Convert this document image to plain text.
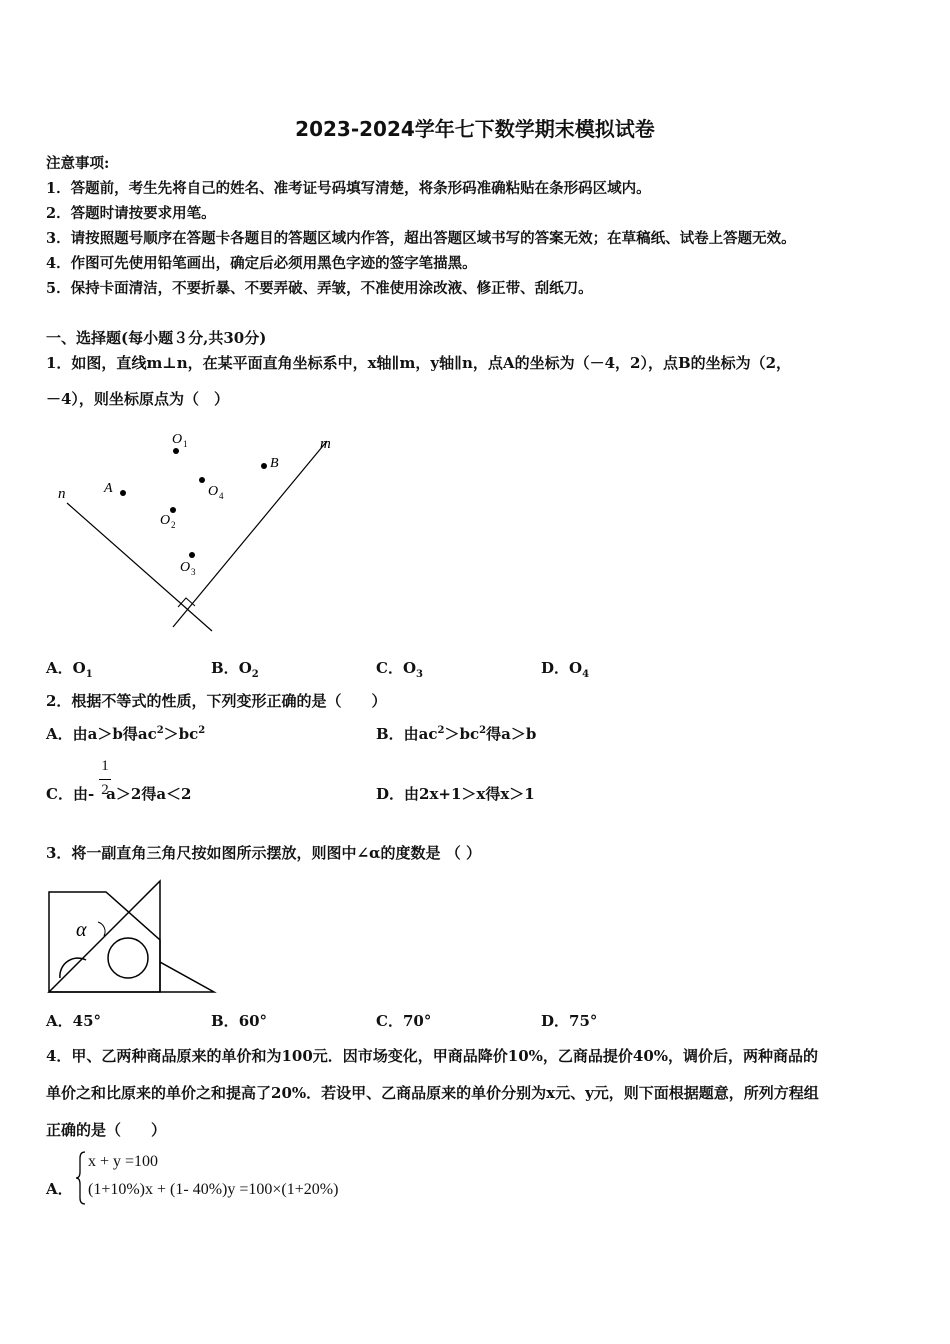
2023-2024学年七下数学期末模拟试卷
注意事项:
1．答题前，考生先将自己的姓名、准考证号码填写清楚，将条形码准确粘贴在条形码区域内。
2．答题时请按要求用笔。
3．请按照题号顺序在答题卡各题目的答题区域内作答，超出答题区域书写的答案无效；在草稿纸、试卷上答题无效。
4．作图可先使用铅笔画出，确定后必须用黑色字迹的签字笔描黑。
5．保持卡面清洁，不要折暴、不要弄破、弄皱，不准使用涂改液、修正带、刮纸刀。
一、选择题(每小题３分,共30分)
1．如图，直线m⊥n，在某平面直角坐标系中，x轴∥m，y轴∥n，点A的坐标为（－4，2），点B的坐标为（2，
－4），则坐标原点为（　）
m
n	A
B
O 1
O 4
O 2
O 3
A．$O_1$	B．$O_2$	C．$O_3$	D．$O_4$
2．根据不等式的性质，下列变形正确的是（　　）
A．由a＞b得$ac^2>bc^2$	B．由$ac^2>bc^2$得a＞b
C．由- a＞2得a＜2
1
2	D．由2x+1＞x得x＞1
3．将一副直角三角尺按如图所示摆放，则图中∠α的度数是 （ ）
α
A．45°	B．60°	C．70°	D．75°
4．甲、乙两种商品原来的单价和为100元．因市场变化，甲商品降价10%，乙商品提价40%，调价后，两种商品的
单价之和比原来的单价之和提高了20%．若设甲、乙商品原来的单价分别为x元、y元，则下面根据题意，所列方程组
正确的是（　　）
A．
x + y =100
(1+10%)x + (1- 40%)y =100×(1+20%)
